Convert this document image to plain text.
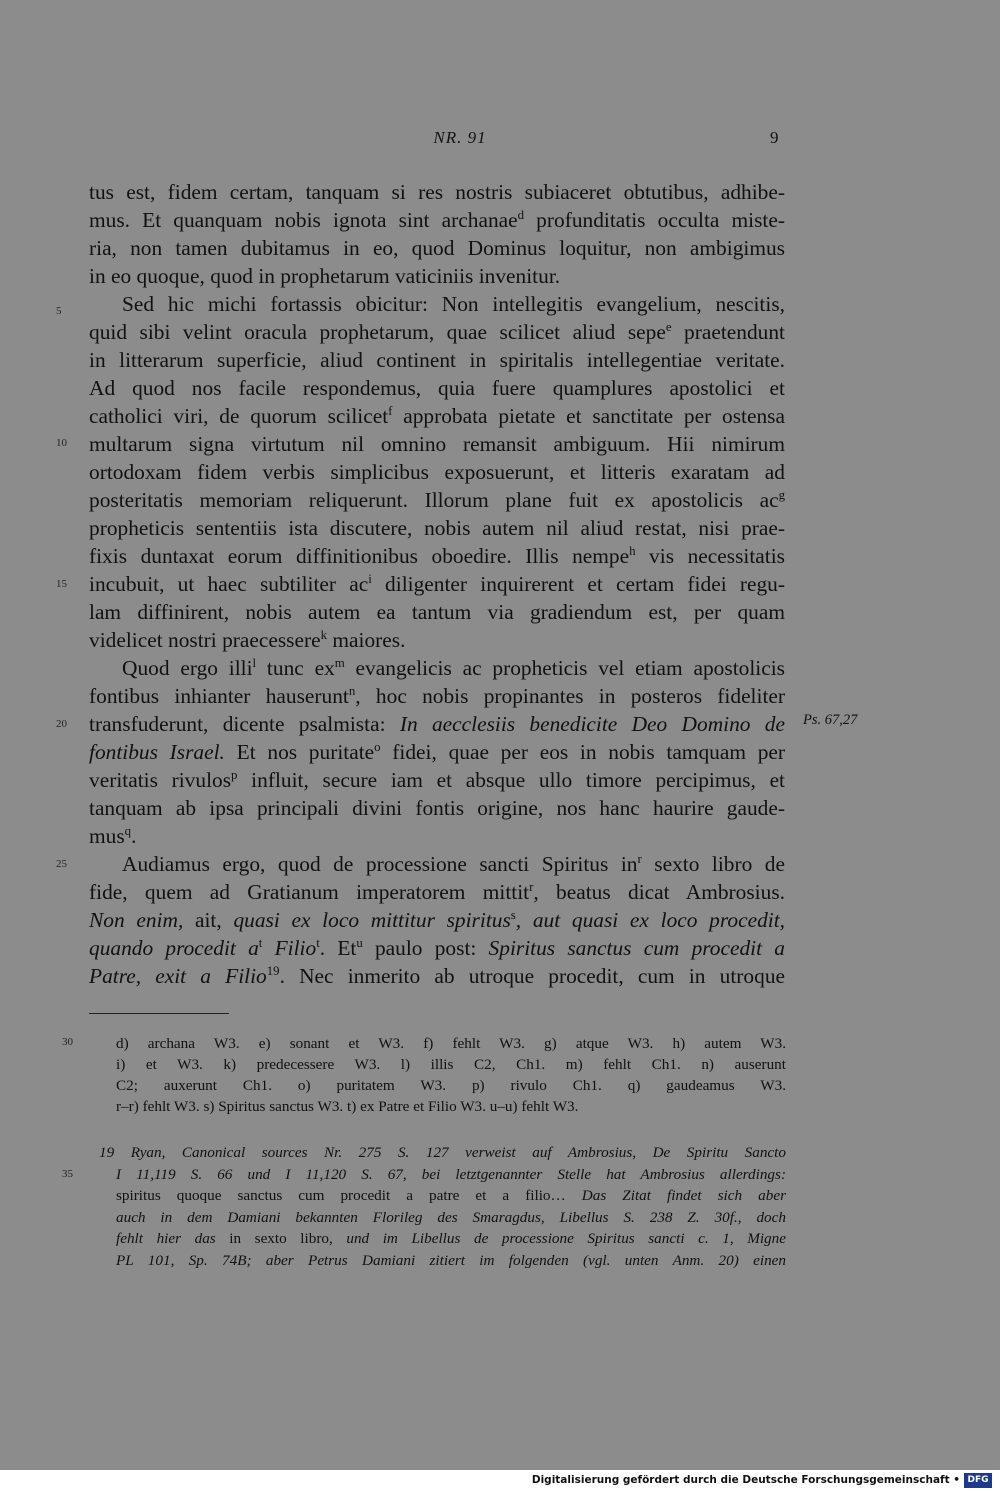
NR. 91	9
5
10
15
20
25
Ps. 67,27
tus est, fidem certam, tanquam si res nostris subiaceret obtutibus, adhibe-
mus. Et quanquam nobis ignota sint archanae$^d$ profunditatis occulta miste-
ria, non tamen dubitamus in eo, quod Dominus loquitur, non ambigimus
in eo quoque, quod in prophetarum vaticiniis invenitur.
Sed hic michi fortassis obicitur: Non intellegitis evangelium, nescitis,
quid sibi velint oracula prophetarum, quae scilicet aliud sepe$^e$ praetendunt
in litterarum superficie, aliud continent in spiritalis intellegentiae veritate.
Ad quod nos facile respondemus, quia fuere quamplures apostolici et
catholici viri, de quorum scilicet$^f$ approbata pietate et sanctitate per ostensa
multarum signa virtutum nil omnino remansit ambiguum. Hii nimirum
ortodoxam fidem verbis simplicibus exposuerunt, et litteris exaratam ad
posteritatis memoriam reliquerunt. Illorum plane fuit ex apostolicis $ac^g$
propheticis sententiis ista discutere, nobis autem nil aliud restat, nisi prae-
fixis duntaxat eorum diffinitionibus oboedire. Illis nempe$^h$ vis necessitatis
incubuit, ut haec subtiliter $ac^i$ diligenter inquirerent et certam fidei regu-
lam diffinirent, nobis autem ea tantum via gradiendum est, per quam
videlicet nostri praecessere$^k$ maiores.
Quod ergo illi$^l$ tunc $ex^m$ evangelicis ac propheticis vel etiam apostolicis
fontibus inhianter hauserunt$^n$, hoc nobis propinantes in posteros fideliter
transfuderunt, dicente psalmista: In aecclesiis benedicite Deo Domino de
fontibus Israel. Et nos puritate$^o$ fidei, quae per eos in nobis tamquam per
veritatis rivulos$^p$ influit, secure iam et absque ullo timore percipimus, et
tanquam ab ipsa principali divini fontis origine, nos hanc haurire gaude-
mus$^q$.
Audiamus ergo, quod de processione sancti Spiritus $in^r$ sexto libro de
fide, quem ad Gratianum imperatorem mittit$^r$, beatus dicat Ambrosius.
Non enim, ait, quasi ex loco mittitur spiritus$^s$, aut quasi ex loco procedit,
quando procedit $a^t$ Filio$^t$. Et$^u$ paulo post: Spiritus sanctus cum procedit a
Patre, exit a Filio$^{19}$. Nec inmerito ab utroque procedit, cum in utroque
30	d) archana W3. e) sonant et W3. f) fehlt W3. g) atque W3. h) autem W3.
i) et W3. k) predecessere W3. l) illis C2, Ch1. m) fehlt Ch1. n) auserunt
C2; auxerunt Ch1. o) puritatem W3. p) rivulo Ch1. q) gaudeamus W3.
r–r) fehlt W3. s) Spiritus sanctus W3. t) ex Patre et Filio W3. u–u) fehlt W3.
35
19 Ryan, Canonical sources Nr. 275 S. 127 verweist auf Ambrosius, De Spiritu Sancto
I 11,119 S. 66 und I 11,120 S. 67, bei letztgenannter Stelle hat Ambrosius allerdings:
spiritus quoque sanctus cum procedit a patre et a filio… Das Zitat findet sich aber
auch in dem Damiani bekannten Florileg des Smaragdus, Libellus S. 238 Z. 30f., doch
fehlt hier das in sexto libro, und im Libellus de processione Spiritus sancti c. 1, Migne
PL 101, Sp. 74B; aber Petrus Damiani zitiert im folgenden (vgl. unten Anm. 20) einen
Digitalisierung gefördert durch die Deutsche Forschungsgemeinschaft • DFG
